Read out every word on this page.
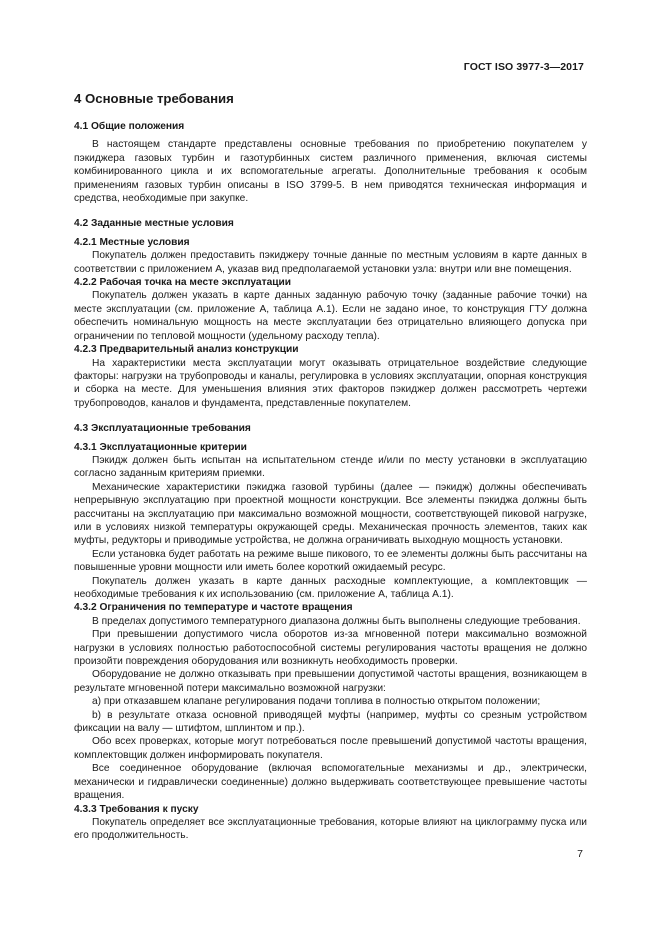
ГОСТ ISO 3977-3—2017
4 Основные требования
4.1 Общие положения

В настоящем стандарте представлены основные требования по приобретению покупателем у пэкиджера газовых турбин и газотурбинных систем различного применения, включая системы комбинированного цикла и их вспомогательные агрегаты. Дополнительные требования к особым применениям газовых турбин описаны в ISO 3799-5. В нем приводятся техническая информация и средства, необходимые при закупке.

4.2 Заданные местные условия
4.2.1 Местные условия

Покупатель должен предоставить пэкиджеру точные данные по местным условиям в карте данных в соответствии с приложением А, указав вид предполагаемой установки узла: внутри или вне помещения.

4.2.2 Рабочая точка на месте эксплуатации

Покупатель должен указать в карте данных заданную рабочую точку (заданные рабочие точки) на месте эксплуатации (см. приложение А, таблица А.1). Если не задано иное, то конструкция ГТУ должна обеспечить номинальную мощность на месте эксплуатации без отрицательно влияющего допуска при ограничении по тепловой мощности (удельному расходу тепла).

4.2.3 Предварительный анализ конструкции

На характеристики места эксплуатации могут оказывать отрицательное воздействие следующие факторы: нагрузки на трубопроводы и каналы, регулировка в условиях эксплуатации, опорная конструкция и сборка на месте. Для уменьшения влияния этих факторов пэкиджер должен рассмотреть чертежи трубопроводов, каналов и фундамента, представленные покупателем.

4.3 Эксплуатационные требования
4.3.1 Эксплуатационные критерии

Пэкидж должен быть испытан на испытательном стенде и/или по месту установки в эксплуатацию согласно заданным критериям приемки.

Механические характеристики пэкиджа газовой турбины (далее — пэкидж) должны обеспечивать непрерывную эксплуатацию при проектной мощности конструкции. Все элементы пэкиджа должны быть рассчитаны на эксплуатацию при максимально возможной мощности, соответствующей пиковой нагрузке, или в условиях низкой температуры окружающей среды. Механическая прочность элементов, таких как муфты, редукторы и приводимые устройства, не должна ограничивать выходную мощность установки.

Если установка будет работать на режиме выше пикового, то ее элементы должны быть рассчитаны на повышенные уровни мощности или иметь более короткий ожидаемый ресурс.

Покупатель должен указать в карте данных расходные комплектующие, а комплектовщик — необходимые требования к их использованию (см. приложение А, таблица А.1).

4.3.2 Ограничения по температуре и частоте вращения

В пределах допустимого температурного диапазона должны быть выполнены следующие требования.

При превышении допустимого числа оборотов из-за мгновенной потери максимально возможной нагрузки в условиях полностью работоспособной системы регулирования частоты вращения не должно произойти повреждения оборудования или возникнуть необходимость проверки.

Оборудование не должно отказывать при превышении допустимой частоты вращения, возникающем в результате мгновенной потери максимально возможной нагрузки:

а) при отказавшем клапане регулирования подачи топлива в полностью открытом положении;

b) в результате отказа основной приводящей муфты (например, муфты со срезным устройством фиксации на валу — штифтом, шплинтом и пр.).

Обо всех проверках, которые могут потребоваться после превышений допустимой частоты вращения, комплектовщик должен информировать покупателя.

Все соединенное оборудование (включая вспомогательные механизмы и др., электрически, механически и гидравлически соединенные) должно выдерживать соответствующее превышение частоты вращения.

4.3.3 Требования к пуску

Покупатель определяет все эксплуатационные требования, которые влияют на циклограмму пуска или его продолжительность.

7
